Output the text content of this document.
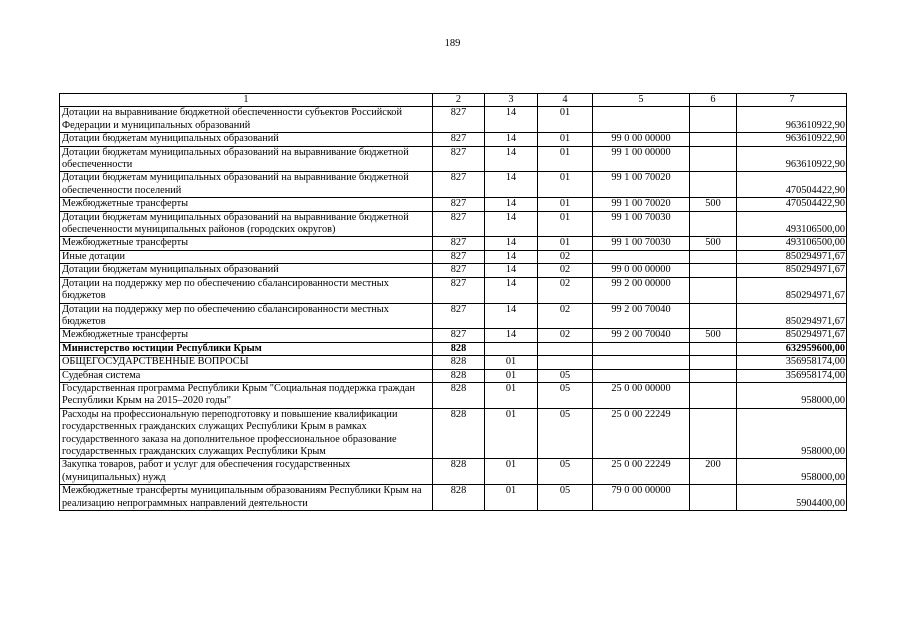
189
1	2	3	4	5	6	7
Дотации на выравнивание бюджетной обеспеченности субъектов Российской Федерации и муниципальных образований	827	14	01			963610922,90
Дотации бюджетам муниципальных образований	827	14	01	99 0 00 00000		963610922,90
Дотации бюджетам муниципальных образований на выравнивание бюджетной обеспеченности	827	14	01	99 1 00 00000		963610922,90
Дотации бюджетам муниципальных образований на выравнивание бюджетной обеспеченности поселений	827	14	01	99 1 00 70020		470504422,90
Межбюджетные трансферты	827	14	01	99 1 00 70020	500	470504422,90
Дотации бюджетам муниципальных образований на выравнивание бюджетной обеспеченности муниципальных районов (городских округов)	827	14	01	99 1 00 70030		493106500,00
Межбюджетные трансферты	827	14	01	99 1 00 70030	500	493106500,00
Иные дотации	827	14	02			850294971,67
Дотации бюджетам муниципальных образований	827	14	02	99 0 00 00000		850294971,67
Дотации на поддержку мер по обеспечению сбалансированности местных бюджетов	827	14	02	99 2 00 00000		850294971,67
Дотации на поддержку мер по обеспечению сбалансированности местных бюджетов	827	14	02	99 2 00 70040		850294971,67
Межбюджетные трансферты	827	14	02	99 2 00 70040	500	850294971,67
Министерство юстиции Республики Крым	828					632959600,00
ОБЩЕГОСУДАРСТВЕННЫЕ ВОПРОСЫ	828	01				356958174,00
Судебная система	828	01	05			356958174,00
Государственная программа Республики Крым "Социальная поддержка граждан Республики Крым на 2015–2020 годы"	828	01	05	25 0 00 00000		958000,00
Расходы на профессиональную переподготовку и повышение квалификации государственных гражданских служащих Республики Крым в рамках государственного заказа на дополнительное профессиональное образование государственных гражданских служащих Республики Крым	828	01	05	25 0 00 22249		958000,00
Закупка товаров, работ и услуг для обеспечения государственных (муниципальных) нужд	828	01	05	25 0 00 22249	200	958000,00
Межбюджетные трансферты муниципальным образованиям Республики Крым на реализацию непрограммных направлений деятельности	828	01	05	79 0 00 00000		5904400,00
